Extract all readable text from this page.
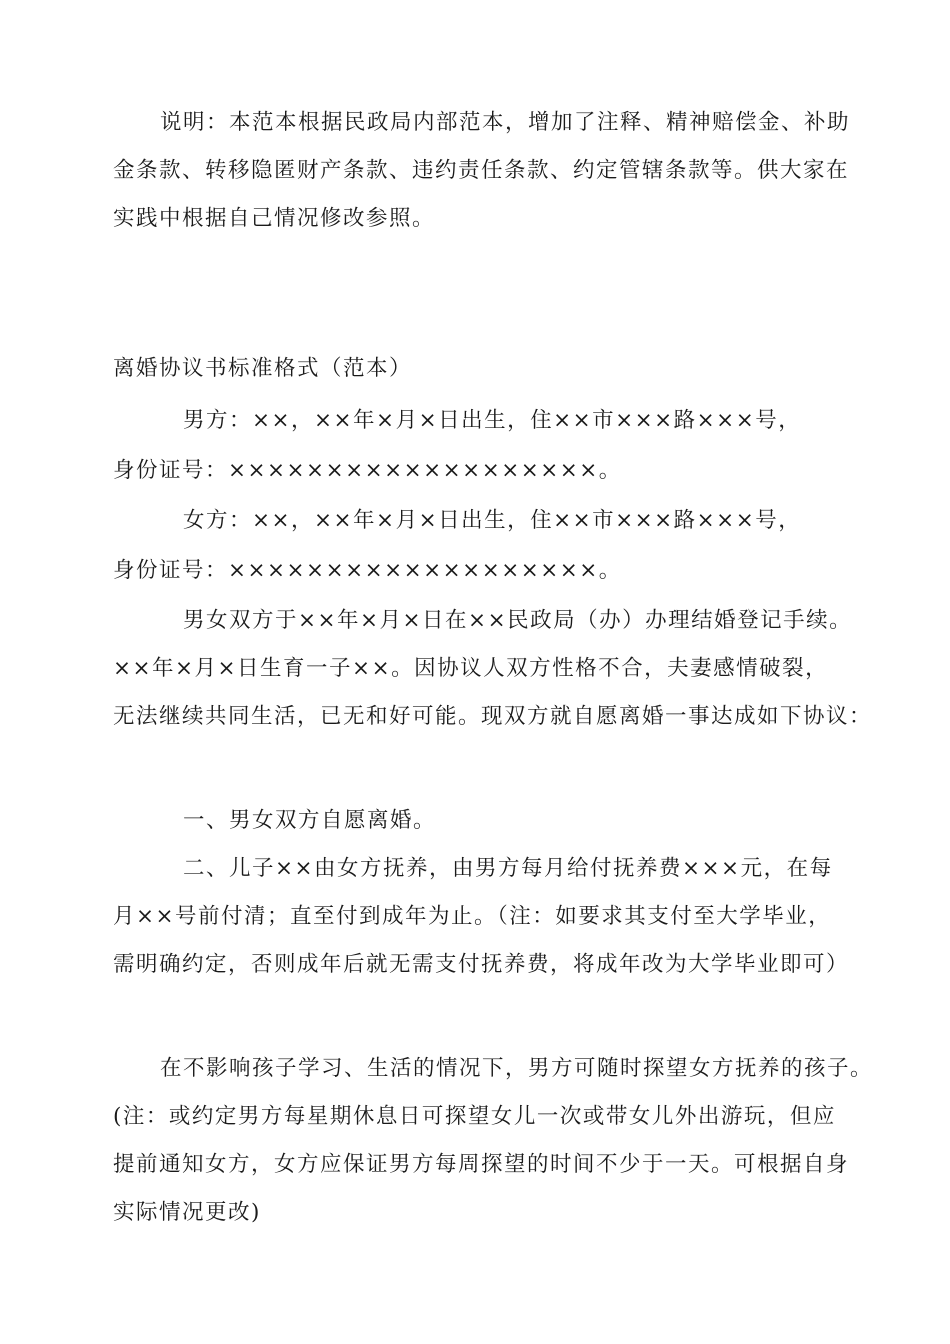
说明：本范本根据民政局内部范本，增加了注释、精神赔偿金、补助
金条款、转移隐匿财产条款、违约责任条款、约定管辖条款等。供大家在
实践中根据自己情况修改参照。
离婚协议书标准格式（范本）
男方：××，××年×月×日出生，住××市×××路×××号，
身份证号：×××××××××××××××××××。
女方：××，××年×月×日出生，住××市×××路×××号，
身份证号：×××××××××××××××××××。
男女双方于××年×月×日在××民政局（办）办理结婚登记手续。
××年×月×日生育一子××。因协议人双方性格不合，夫妻感情破裂，
无法继续共同生活，已无和好可能。现双方就自愿离婚一事达成如下协议：
一、男女双方自愿离婚。
二、儿子××由女方抚养，由男方每月给付抚养费×××元，在每
月××号前付清；直至付到成年为止。（注：如要求其支付至大学毕业，
需明确约定，否则成年后就无需支付抚养费，将成年改为大学毕业即可）
在不影响孩子学习、生活的情况下，男方可随时探望女方抚养的孩子。
(注：或约定男方每星期休息日可探望女儿一次或带女儿外出游玩，但应
提前通知女方，女方应保证男方每周探望的时间不少于一天。可根据自身
实际情况更改)
